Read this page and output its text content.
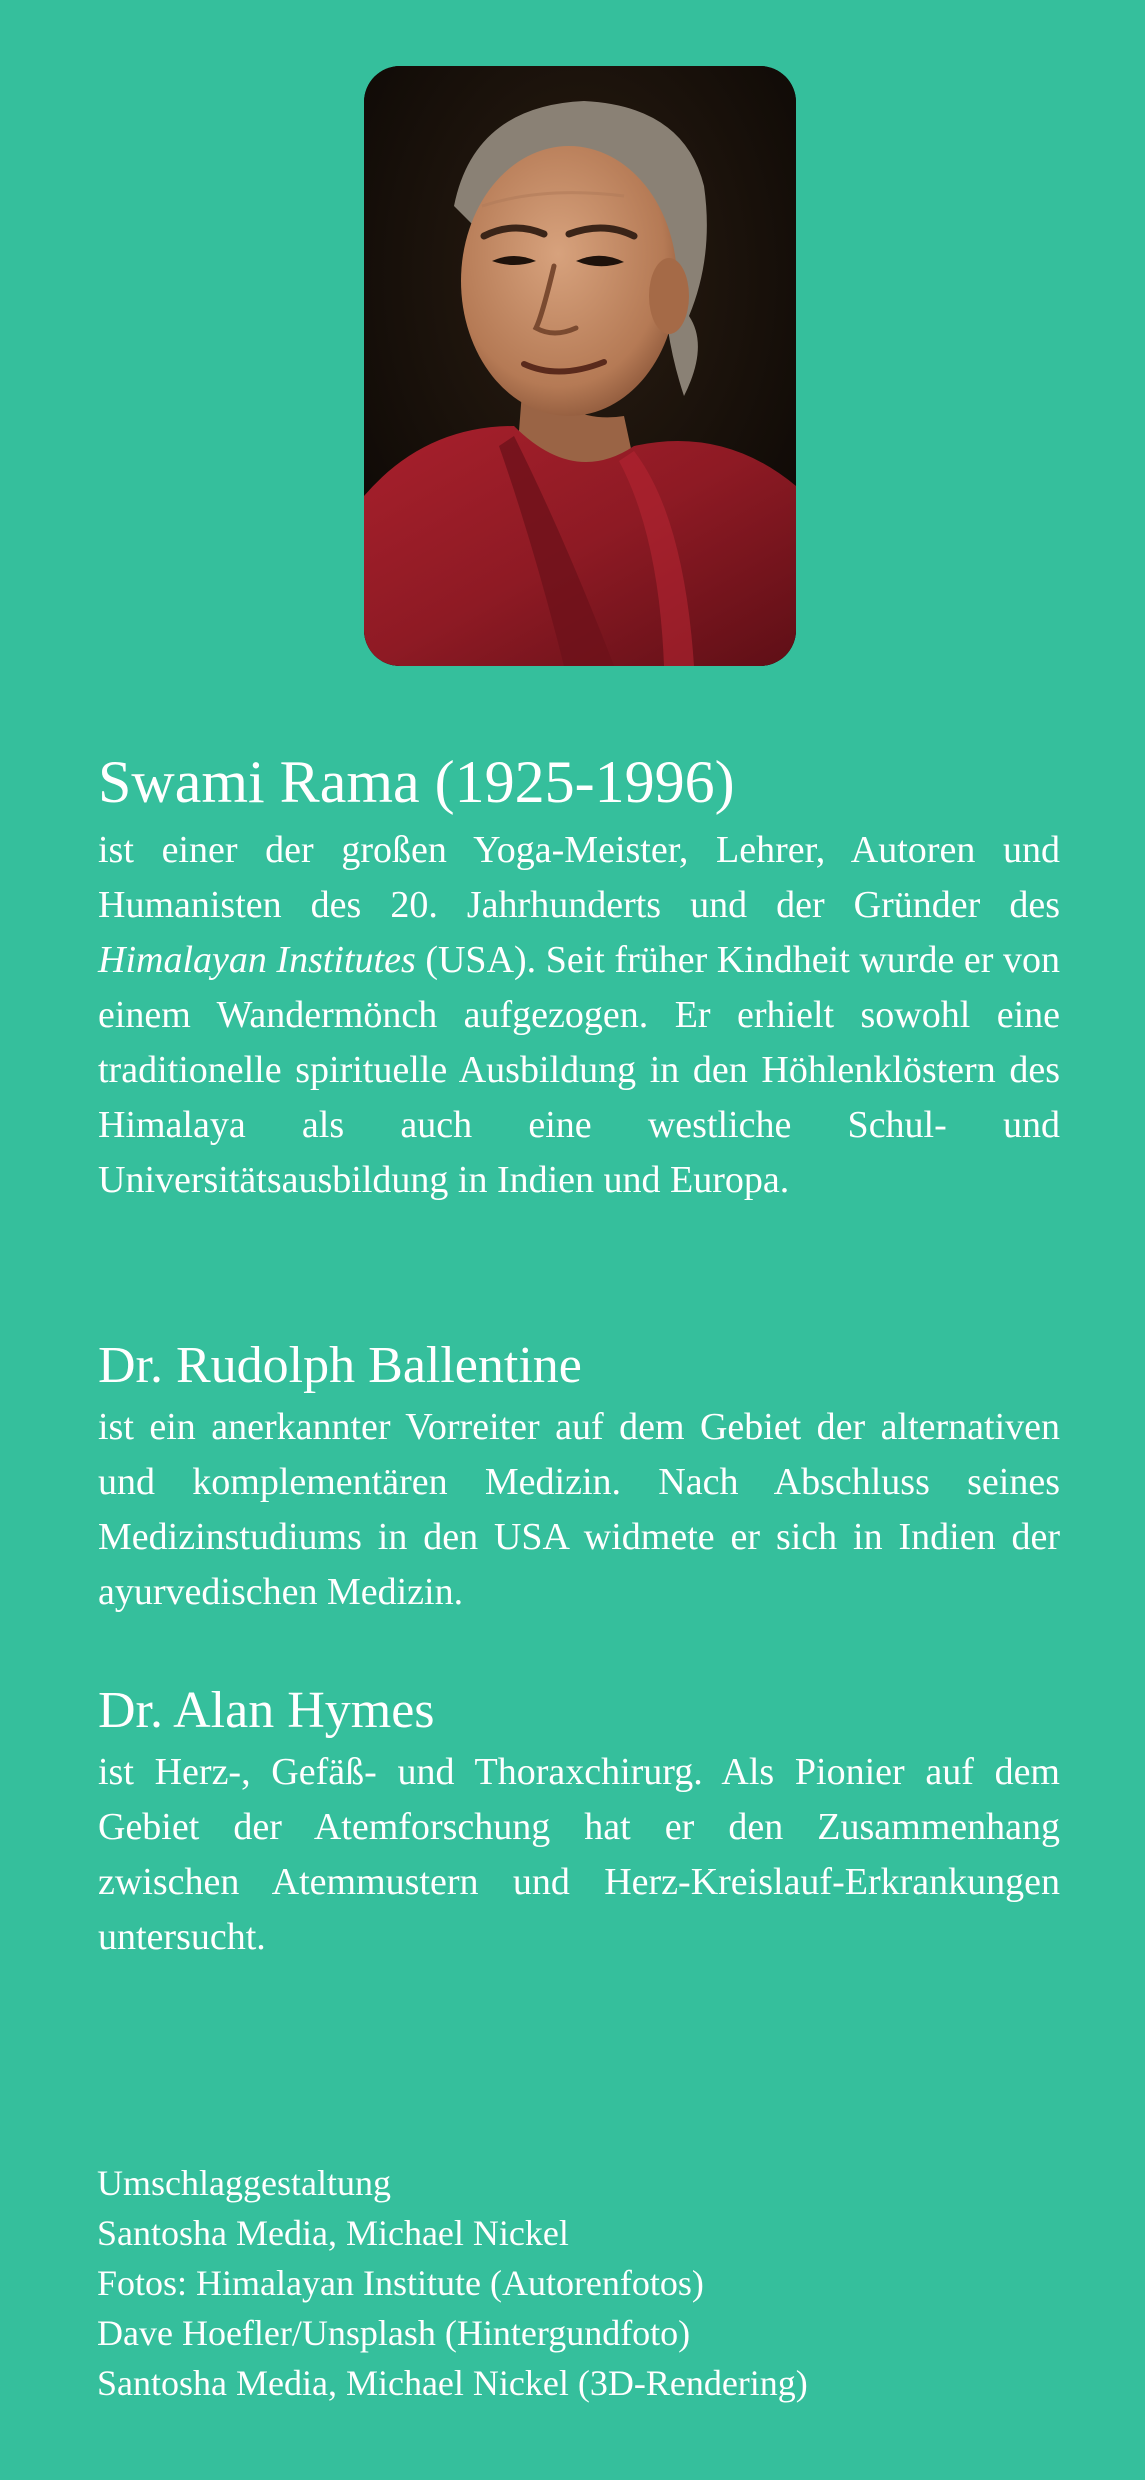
Swami Rama (1925-1996)

ist einer der großen Yoga-Meister, Lehrer, Autoren und Humanisten des 20. Jahrhunderts und der Gründer des Himalayan Institutes (USA). Seit früher Kindheit wurde er von einem Wandermönch aufgezogen. Er erhielt sowohl eine traditionelle spirituelle Ausbildung in den Höhlenklöstern des Himalaya als auch eine westliche Schul- und Universitätsausbildung in Indien und Europa.

Dr. Rudolph Ballentine

ist ein anerkannter Vorreiter auf dem Gebiet der alternativen und komplementären Medizin. Nach Abschluss seines Medizinstudiums in den USA widmete er sich in Indien der ayurvedischen Medizin.

Dr. Alan Hymes

ist Herz-, Gefäß- und Thoraxchirurg. Als Pionier auf dem Gebiet der Atemforschung hat er den Zusammenhang zwischen Atemmustern und Herz-Kreislauf-Erkrankungen untersucht.

Umschlaggestaltung
Santosha Media, Michael Nickel
Fotos: Himalayan Institute (Autorenfotos)
Dave Hoefler/Unsplash (Hintergundfoto)
Santosha Media, Michael Nickel (3D-Rendering)
